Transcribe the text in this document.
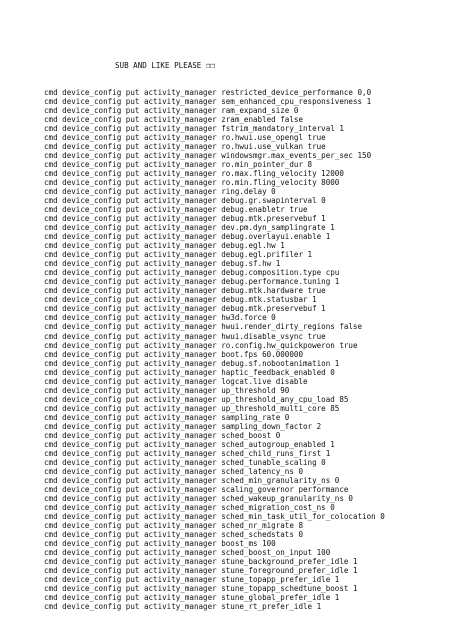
SUB AND LIKE PLEASE ❐❐

cmd device_config put activity_manager restricted_device_performance 0,0
cmd device_config put activity_manager sem_enhanced_cpu_responsiveness 1
cmd device_config put activity_manager ram_expand_size 0
cmd device_config put activity_manager zram_enabled false
cmd device_config put activity_manager fstrim_mandatory_interval 1
cmd device_config put activity_manager ro.hwui.use_opengl true
cmd device_config put activity_manager ro.hwui.use_vulkan true
cmd device_config put activity_manager windowsmgr.max_events_per_sec 150
cmd device_config put activity_manager ro.min_pointer_dur 8
cmd device_config put activity_manager ro.max.fling_velocity 12000
cmd device_config put activity_manager ro.min.fling_velocity 8000
cmd device_config put activity_manager ring.delay 0
cmd device_config put activity_manager debug.gr.swapinterval 0
cmd device_config put activity_manager debug.enabletr true
cmd device_config put activity_manager debug.mtk.preservebuf 1
cmd device_config put activity_manager dev.pm.dyn_samplingrate 1
cmd device_config put activity_manager debug.overlayui.enable 1
cmd device_config put activity_manager debug.egl.hw 1
cmd device_config put activity_manager debug.egl.prifiler 1
cmd device_config put activity_manager debug.sf.hw 1
cmd device_config put activity_manager debug.composition.type cpu
cmd device_config put activity_manager debug.performance.tuning 1
cmd device_config put activity_manager debug.mtk.hardware true
cmd device_config put activity_manager debug.mtk.statusbar 1
cmd device_config put activity_manager debug.mtk.preservebuf 1
cmd device_config put activity_manager hw3d.force 0
cmd device_config put activity_manager hwui.render_dirty_regions false
cmd device_config put activity_manager hwui.disable_vsync true
cmd device_config put activity_manager ro.config.hw_quickpoweron true
cmd device_config put activity_manager boot.fps 60.000000
cmd device_config put activity_manager debug.sf.nobootanimation 1
cmd device_config put activity_manager haptic_feedback_enabled 0
cmd device_config put activity_manager logcat.live disable
cmd device_config put activity_manager up_threshold 90
cmd device_config put activity_manager up_threshold_any_cpu_load 85
cmd device_config put activity_manager up_threshold_multi_core 85
cmd device_config put activity_manager sampling_rate 0
cmd device_config put activity_manager sampling_down_factor 2
cmd device_config put activity_manager sched_boost 0
cmd device_config put activity_manager sched_autogroup_enabled 1
cmd device_config put activity_manager sched_child_runs_first 1
cmd device_config put activity_manager sched_tunable_scaling 0
cmd device_config put activity_manager sched_latency_ns 0
cmd device_config put activity_manager sched_min_granularity_ns 0
cmd device_config put activity_manager scaling_governor performance
cmd device_config put activity_manager sched_wakeup_granularity_ns 0
cmd device_config put activity_manager sched_migration_cost_ns 0
cmd device_config put activity_manager sched_min_task_util_for_colocation 0
cmd device_config put activity_manager sched_nr_migrate 8
cmd device_config put activity_manager sched_schedstats 0
cmd device_config put activity_manager boost_ms 100
cmd device_config put activity_manager sched_boost_on_input 100
cmd device_config put activity_manager stune_background_prefer_idle 1
cmd device_config put activity_manager stune_foreground_prefer_idle 1
cmd device_config put activity_manager stune_topapp_prefer_idle 1
cmd device_config put activity_manager stune_topapp_schedtune_boost 1
cmd device_config put activity_manager stune_global_prefer_idle 1
cmd device_config put activity_manager stune_rt_prefer_idle 1
